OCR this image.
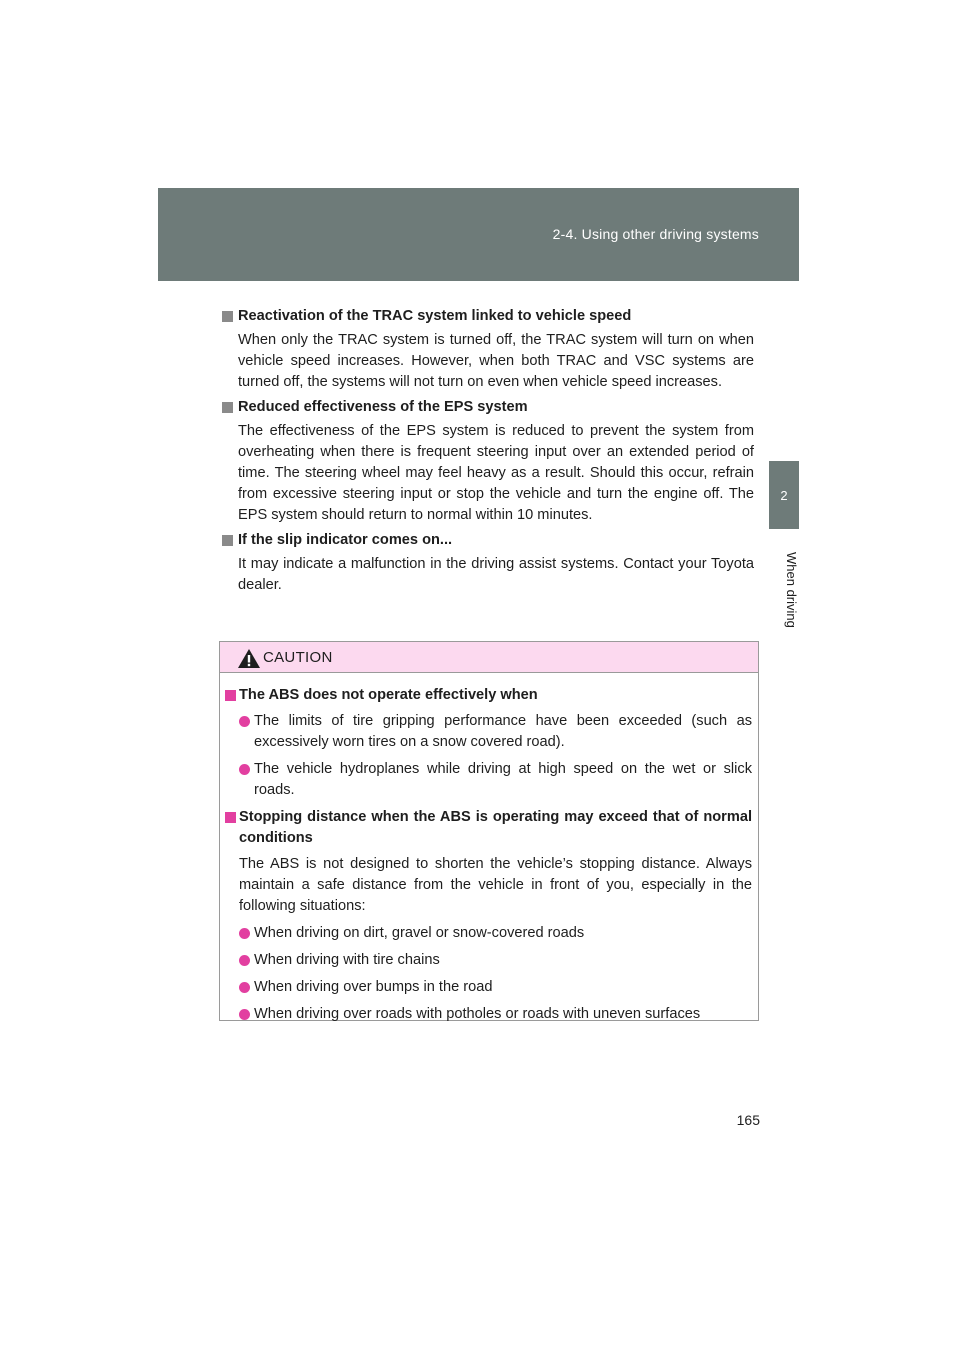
2-4. Using other driving systems
2
When driving

Reactivation of the TRAC system linked to vehicle speed

When only the TRAC system is turned off, the TRAC system will turn on when vehicle speed increases. However, when both TRAC and VSC systems are turned off, the systems will not turn on even when vehicle speed increases.

Reduced effectiveness of the EPS system

The effectiveness of the EPS system is reduced to prevent the system from overheating when there is frequent steering input over an extended period of time. The steering wheel may feel heavy as a result. Should this occur, refrain from excessive steering input or stop the vehicle and turn the engine off. The EPS system should return to normal within 10 minutes.

If the slip indicator comes on...

It may indicate a malfunction in the driving assist systems. Contact your Toyota dealer.

CAUTION

The ABS does not operate effectively when

The limits of tire gripping performance have been exceeded (such as excessively worn tires on a snow covered road).
The vehicle hydroplanes while driving at high speed on the wet or slick roads.

Stopping distance when the ABS is operating may exceed that of normal conditions

The ABS is not designed to shorten the vehicle’s stopping distance. Always maintain a safe distance from the vehicle in front of you, especially in the following situations:

When driving on dirt, gravel or snow-covered roads
When driving with tire chains
When driving over bumps in the road
When driving over roads with potholes or roads with uneven surfaces
165
